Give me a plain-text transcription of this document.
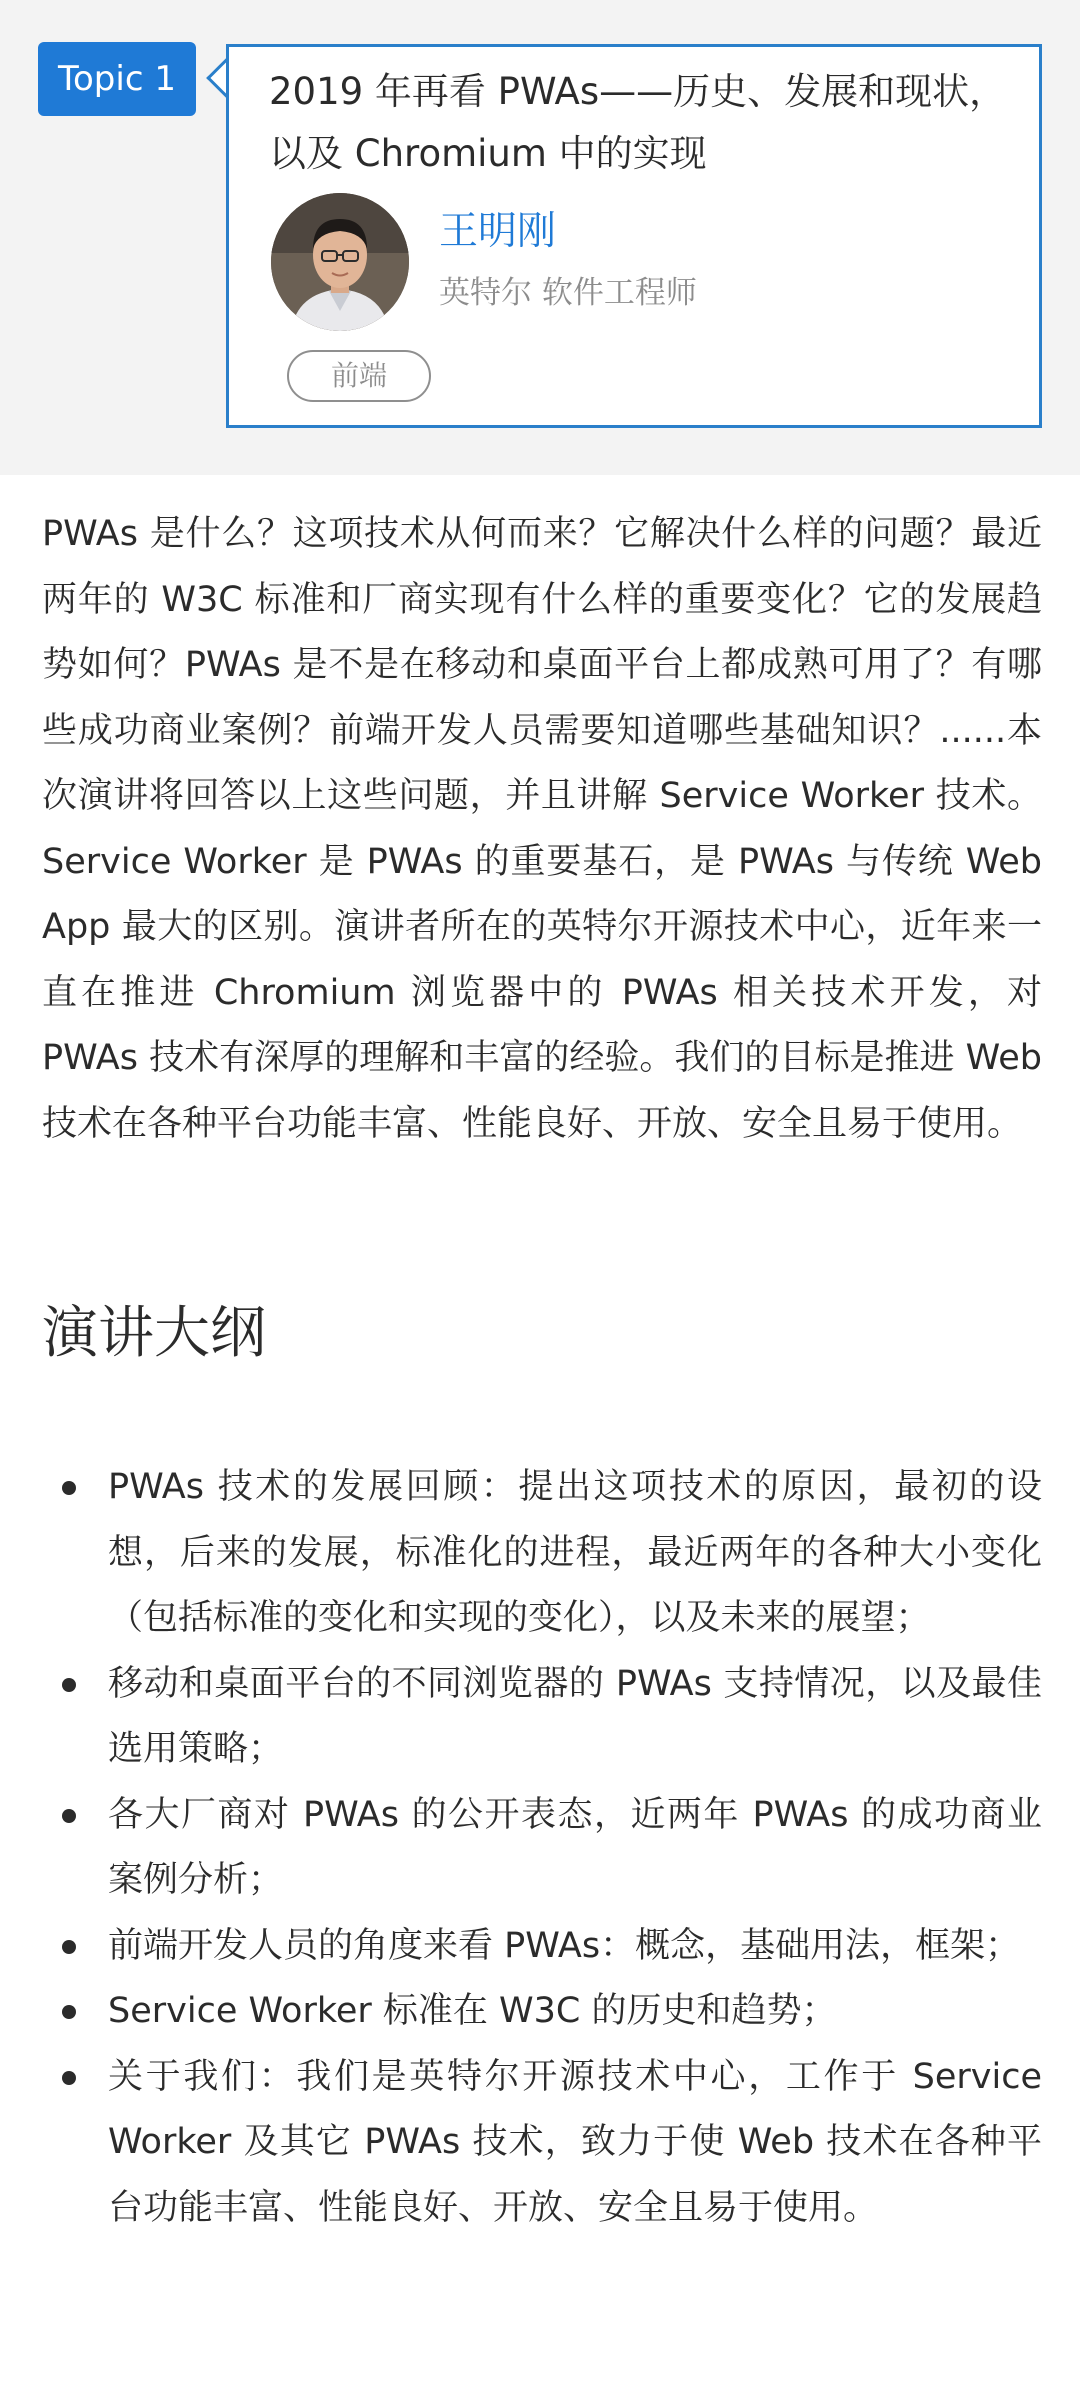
Topic 1	2019 年再看 PWAs——历史、发展和现状，以及 Chromium 中的实现
王明刚
英特尔 软件工程师
前端

PWAs 是什么？这项技术从何而来？它解决什么样的问题？最近两年的 W3C 标准和厂商实现有什么样的重要变化？它的发展趋势如何？PWAs 是不是在移动和桌面平台上都成熟可用了？有哪些成功商业案例？前端开发人员需要知道哪些基础知识？......本次演讲将回答以上这些问题，并且讲解 Service Worker 技术。Service Worker 是 PWAs 的重要基石，是 PWAs 与传统 Web App 最大的区别。演讲者所在的英特尔开源技术中心，近年来一直在推进 Chromium 浏览器中的 PWAs 相关技术开发，对 PWAs 技术有深厚的理解和丰富的经验。我们的目标是推进 Web 技术在各种平台功能丰富、性能良好、开放、安全且易于使用。

演讲大纲
PWAs 技术的发展回顾：提出这项技术的原因，最初的设想，后来的发展，标准化的进程，最近两年的各种大小变化（包括标准的变化和实现的变化），以及未来的展望；
移动和桌面平台的不同浏览器的 PWAs 支持情况，以及最佳选用策略；
各大厂商对 PWAs 的公开表态，近两年 PWAs 的成功商业案例分析；
前端开发人员的角度来看 PWAs：概念，基础用法，框架；
Service Worker 标准在 W3C 的历史和趋势；
关于我们：我们是英特尔开源技术中心，工作于 Service Worker 及其它 PWAs 技术，致力于使 Web 技术在各种平台功能丰富、性能良好、开放、安全且易于使用。
